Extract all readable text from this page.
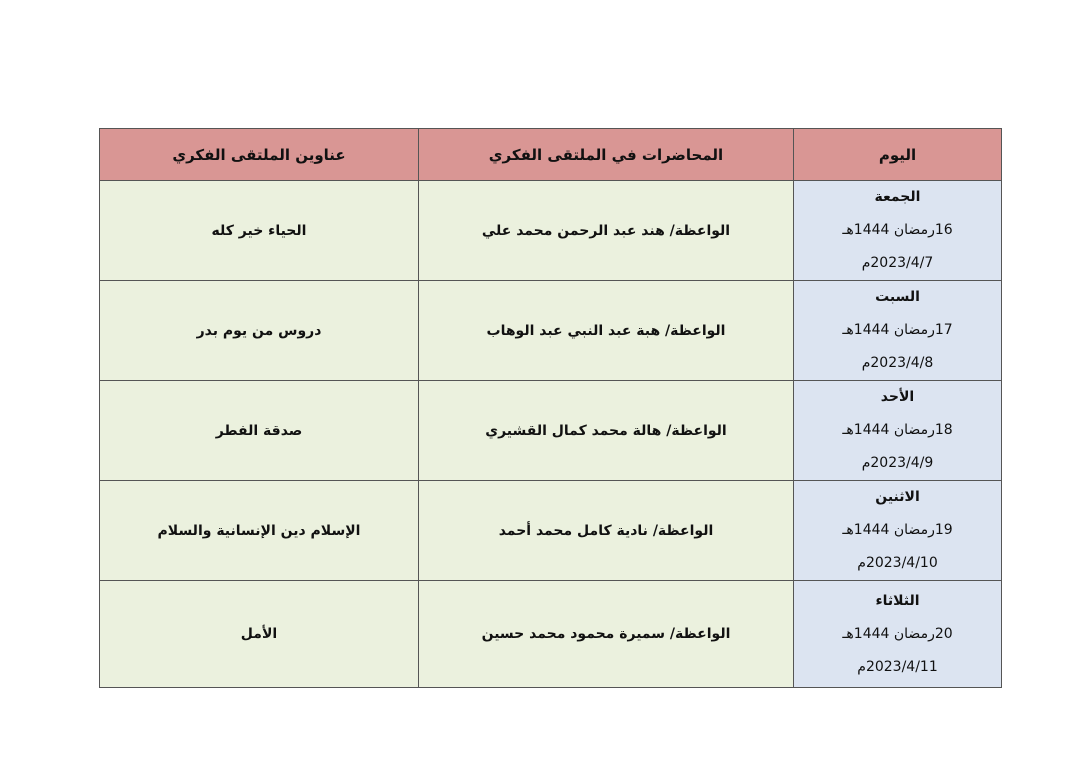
اليوم	المحاضرات في الملتقى الفكري	عناوين الملتقى الفكري

الجمعة
16رمضان 1444هـ
2023/4/7م	الواعظة/ هند عبد الرحمن محمد علي	الحياء خير كله

السبت
17رمضان 1444هـ
2023/4/8م	الواعظة/ هبة عبد النبي عبد الوهاب	دروس من يوم بدر

الأحد
18رمضان 1444هـ
2023/4/9م	الواعظة/ هالة محمد كمال القشيري	صدقة الفطر

الاثنين
19رمضان 1444هـ
2023/4/10م	الواعظة/ نادية كامل محمد أحمد	الإسلام دين الإنسانية والسلام

الثلاثاء
20رمضان 1444هـ
2023/4/11م	الواعظة/ سميرة محمود محمد حسين	الأمل
